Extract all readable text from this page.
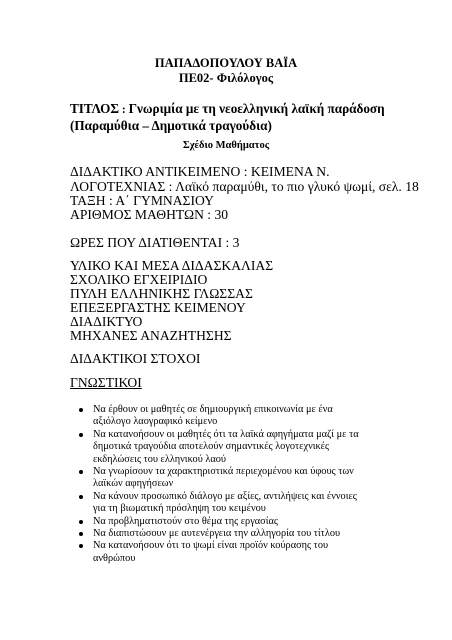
ΠΑΠΑΔΟΠΟΥΛΟΥ ΒΑΪΑ
ΠΕ02- Φιλόλογος
ΤΙΤΛΟΣ : Γνωριμία με τη νεοελληνική λαϊκή παράδοση
(Παραμύθια – Δημοτικά τραγούδια)
Σχέδιο Μαθήματος
ΔΙΔΑΚΤΙΚΟ ΑΝΤΙΚΕΙΜΕΝΟ : ΚΕΙΜΕΝΑ Ν.
ΛΟΓΟΤΕΧΝΙΑΣ : Λαϊκό παραμύθι, το πιο γλυκό ψωμί, σελ. 18
ΤΑΞΗ : Α΄ ΓΥΜΝΑΣΙΟΥ
ΑΡΙΘΜΟΣ ΜΑΘΗΤΩΝ : 30
ΩΡΕΣ ΠΟΥ ΔΙΑΤΙΘΕΝΤΑΙ : 3
ΥΛΙΚΟ ΚΑΙ ΜΕΣΑ ΔΙΔΑΣΚΑΛΙΑΣ
ΣΧΟΛΙΚΟ ΕΓΧΕΙΡΙΔΙΟ
ΠΥΛΗ ΕΛΛΗΝΙΚΗΣ ΓΛΩΣΣΑΣ
ΕΠΕΞΕΡΓΑΣΤΗΣ ΚΕΙΜΕΝΟΥ
ΔΙΑΔΙΚΤΥΟ
ΜΗΧΑΝΕΣ ΑΝΑΖΗΤΗΣΗΣ
ΔΙΔΑΚΤΙΚΟΙ ΣΤΟΧΟΙ
ΓΝΩΣΤΙΚΟΙ
Να έρθουν οι μαθητές σε δημιουργική επικοινωνία με ένα
αξιόλογο λαογραφικό κείμενο
Να κατανοήσουν οι μαθητές ότι τα λαϊκά αφηγήματα μαζί με τα
δημοτικά τραγούδια αποτελούν σημαντικές λογοτεχνικές
εκδηλώσεις του ελληνικού λαού
Να γνωρίσουν τα χαρακτηριστικά περιεχομένου και ύφους των
λαϊκών αφηγήσεων
Να κάνουν προσωπικό διάλογο με αξίες, αντιλήψεις και έννοιες
για τη βιωματική πρόσληψη του κειμένου
Να προβληματιστούν στο θέμα της εργασίας
Να διαπιστώσουν με αυτενέργεια την αλληγορία του τίτλου
Να κατανοήσουν ότι το ψωμί είναι προϊόν κούρασης του
ανθρώπου
